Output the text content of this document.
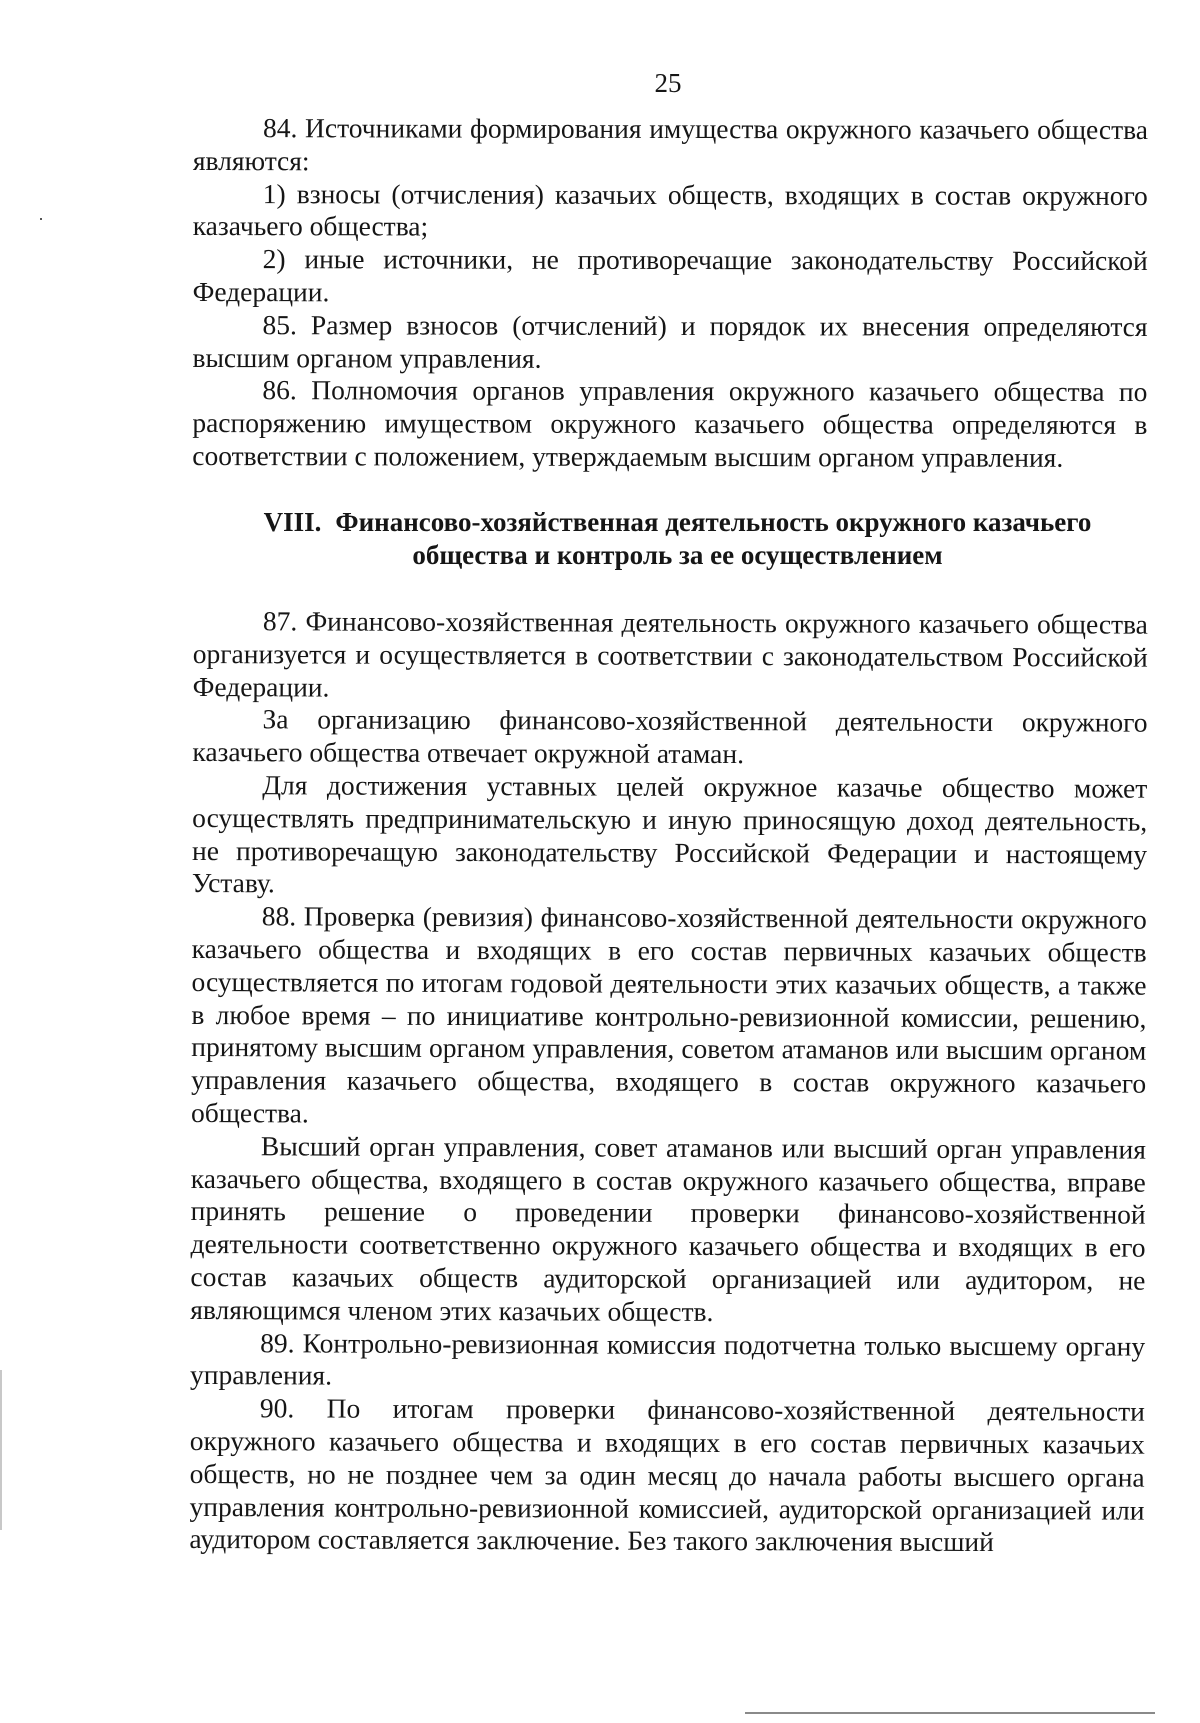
25

84. Источниками формирования имущества окружного казачьего общества являются:

1) взносы (отчисления) казачьих обществ, входящих в состав окружного казачьего общества;

2) иные источники, не противоречащие законодательству Российской Федерации.

85. Размер взносов (отчислений) и порядок их внесения определяются высшим органом управления.

86. Полномочия органов управления окружного казачьего общества по распоряжению имуществом окружного казачьего общества определяются в соответствии с положением, утверждаемым высшим органом управления.

VIII. Финансово-хозяйственная деятельность окружного казачьего
общества и контроль за ее осуществлением

87. Финансово-хозяйственная деятельность окружного казачьего общества организуется и осуществляется в соответствии с законодательством Российской Федерации.

За организацию финансово-хозяйственной деятельности окружного казачьего общества отвечает окружной атаман.

Для достижения уставных целей окружное казачье общество может осуществлять предпринимательскую и иную приносящую доход деятельность, не противоречащую законодательству Российской Федерации и настоящему Уставу.

88. Проверка (ревизия) финансово-хозяйственной деятельности окружного казачьего общества и входящих в его состав первичных казачьих обществ осуществляется по итогам годовой деятельности этих казачьих обществ, а также в любое время – по инициативе контрольно-ревизионной комиссии, решению, принятому высшим органом управления, советом атаманов или высшим органом управления казачьего общества, входящего в состав окружного казачьего общества.

Высший орган управления, совет атаманов или высший орган управления казачьего общества, входящего в состав окружного казачьего общества, вправе принять решение о проведении проверки финансово-хозяйственной деятельности соответственно окружного казачьего общества и входящих в его состав казачьих обществ аудиторской организацией или аудитором, не являющимся членом этих казачьих обществ.

89. Контрольно-ревизионная комиссия подотчетна только высшему органу управления.

90. По итогам проверки финансово-хозяйственной деятельности окружного казачьего общества и входящих в его состав первичных казачьих обществ, но не позднее чем за один месяц до начала работы высшего органа управления контрольно-ревизионной комиссией, аудиторской организацией или аудитором составляется заключение. Без такого заключения высший
